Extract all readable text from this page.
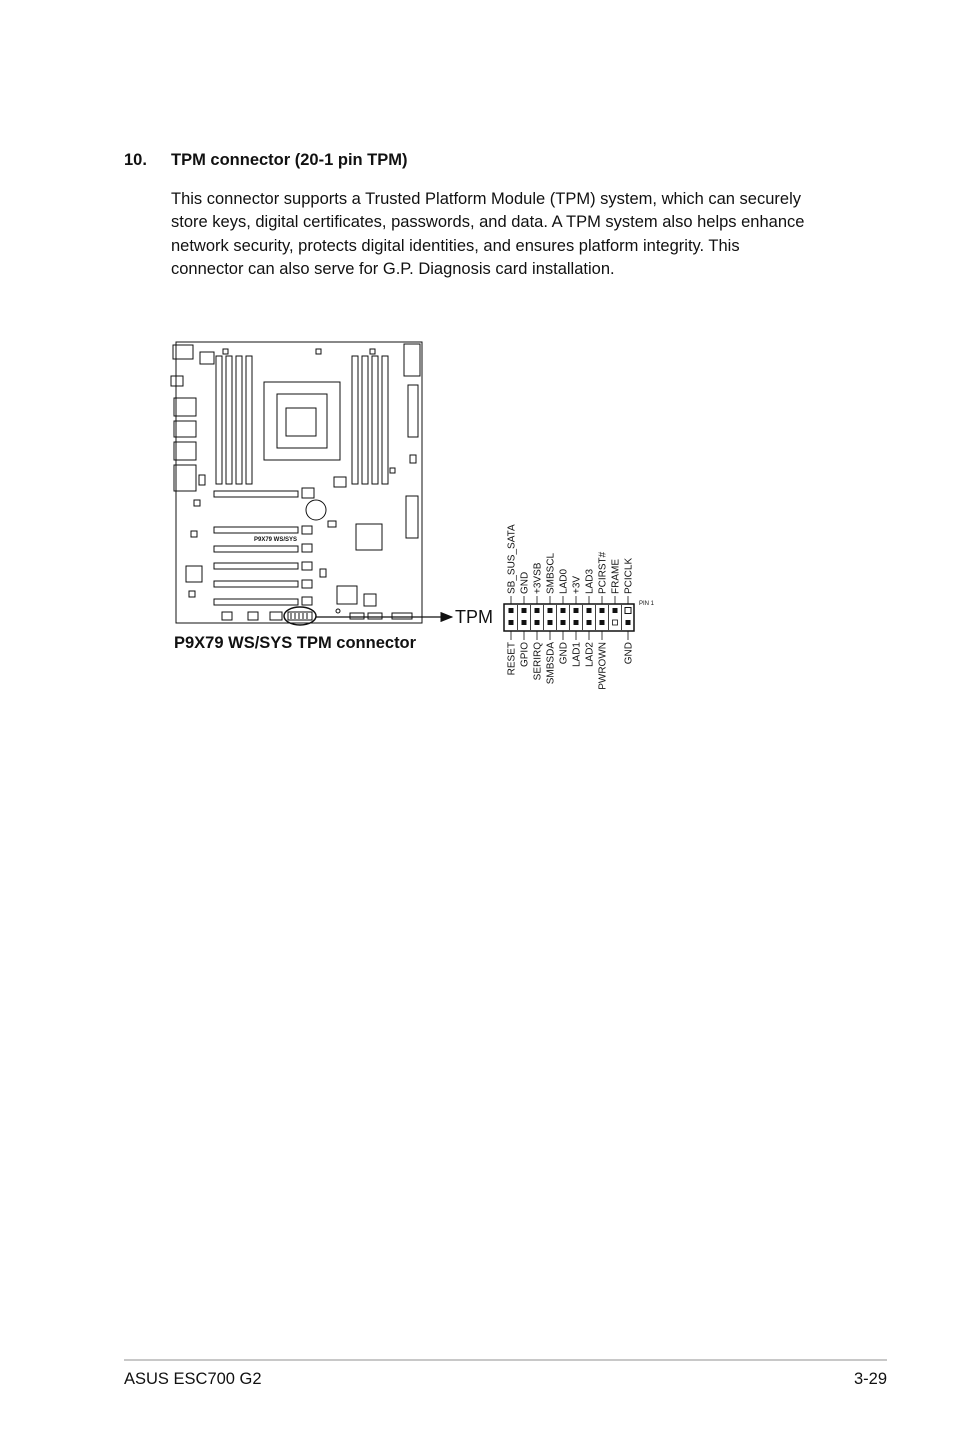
10.	TPM connector (20-1 pin TPM)

This connector supports a Trusted Platform Module (TPM) system, which can securely
store keys, digital certificates, passwords, and data. A TPM system also helps enhance
network security, protects digital identities, and ensures platform integrity. This
connector can also serve for G.P. Diagnosis card installation.

P9X79 WS/SYS
TPM
P9X79 WS/SYS TPM connector
SB_SUS_SATA
RESET
GND
GPIO
+3VSB
SERIRQ
SMBSCL
SMBSDA
LAD0
GND
+3V
LAD1
LAD3
LAD2
PCIRST#
PWROWN
FRAME PCICLK
GND
PIN 1
ASUS ESC700 G2	3-29
